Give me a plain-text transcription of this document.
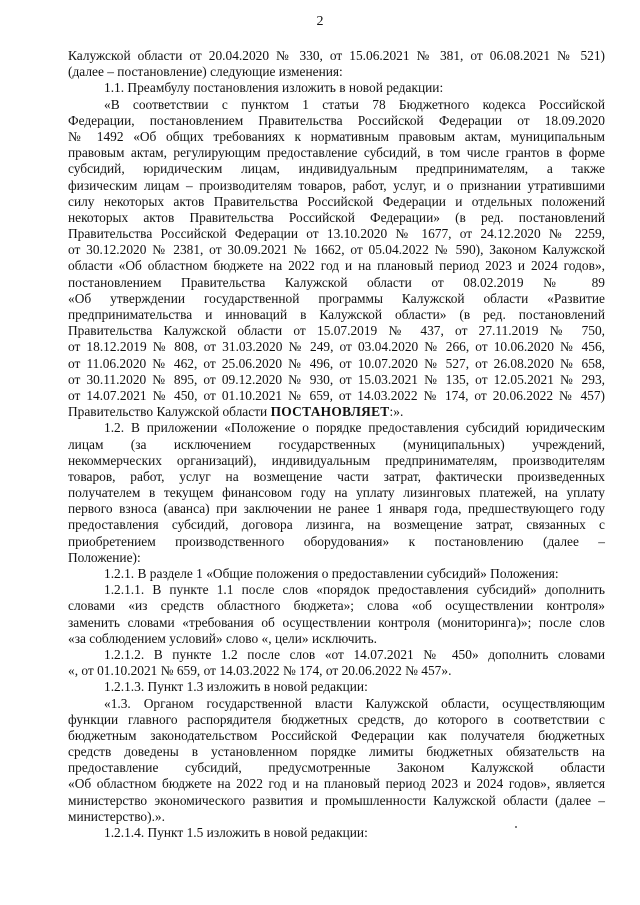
2
Калужской области от 20.04.2020 № 330, от 15.06.2021 № 381, от 06.08.2021 № 521)
(далее – постановление) следующие изменения:
1.1. Преамбулу постановления изложить в новой редакции:
«В соответствии с пунктом 1 статьи 78 Бюджетного кодекса Российской
Федерации, постановлением Правительства Российской Федерации от 18.09.2020
№ 1492 «Об общих требованиях к нормативным правовым актам, муниципальным
правовым актам, регулирующим предоставление субсидий, в том числе грантов в форме
субсидий, юридическим лицам, индивидуальным предпринимателям, а также
физическим лицам – производителям товаров, работ, услуг, и о признании утратившими
силу некоторых актов Правительства Российской Федерации и отдельных положений
некоторых актов Правительства Российской Федерации» (в ред. постановлений
Правительства Российской Федерации от 13.10.2020 № 1677, от 24.12.2020 № 2259,
от 30.12.2020 № 2381, от 30.09.2021 № 1662, от 05.04.2022 № 590), Законом Калужской
области «Об областном бюджете на 2022 год и на плановый период 2023 и 2024 годов»,
постановлением Правительства Калужской области от 08.02.2019 № 89
«Об утверждении государственной программы Калужской области «Развитие
предпринимательства и инноваций в Калужской области» (в ред. постановлений
Правительства Калужской области от 15.07.2019 № 437, от 27.11.2019 № 750,
от 18.12.2019 № 808, от 31.03.2020 № 249, от 03.04.2020 № 266, от 10.06.2020 № 456,
от 11.06.2020 № 462, от 25.06.2020 № 496, от 10.07.2020 № 527, от 26.08.2020 № 658,
от 30.11.2020 № 895, от 09.12.2020 № 930, от 15.03.2021 № 135, от 12.05.2021 № 293,
от 14.07.2021 № 450, от 01.10.2021 № 659, от 14.03.2022 № 174, от 20.06.2022 № 457)
Правительство Калужской области ПОСТАНОВЛЯЕТ:».
1.2. В приложении «Положение о порядке предоставления субсидий юридическим
лицам (за исключением государственных (муниципальных) учреждений,
некоммерческих организаций), индивидуальным предпринимателям, производителям
товаров, работ, услуг на возмещение части затрат, фактически произведенных
получателем в текущем финансовом году на уплату лизинговых платежей, на уплату
первого взноса (аванса) при заключении не ранее 1 января года, предшествующего году
предоставления субсидий, договора лизинга, на возмещение затрат, связанных с
приобретением производственного оборудования» к постановлению (далее –
Положение):
1.2.1. В разделе 1 «Общие положения о предоставлении субсидий» Положения:
1.2.1.1. В пункте 1.1 после слов «порядок предоставления субсидий» дополнить
словами «из средств областного бюджета»; слова «об осуществлении контроля»
заменить словами «требования об осуществлении контроля (мониторинга)»; после слов
«за соблюдением условий» слово «, цели» исключить.
1.2.1.2. В пункте 1.2 после слов «от 14.07.2021 № 450» дополнить словами
«, от 01.10.2021 № 659, от 14.03.2022 № 174, от 20.06.2022 № 457».
1.2.1.3. Пункт 1.3 изложить в новой редакции:
«1.3. Органом государственной власти Калужской области, осуществляющим
функции главного распорядителя бюджетных средств, до которого в соответствии с
бюджетным законодательством Российской Федерации как получателя бюджетных
средств доведены в установленном порядке лимиты бюджетных обязательств на
предоставление субсидий, предусмотренные Законом Калужской области
«Об областном бюджете на 2022 год и на плановый период 2023 и 2024 годов», является
министерство экономического развития и промышленности Калужской области (далее –
министерство).».
1.2.1.4. Пункт 1.5 изложить в новой редакции:
